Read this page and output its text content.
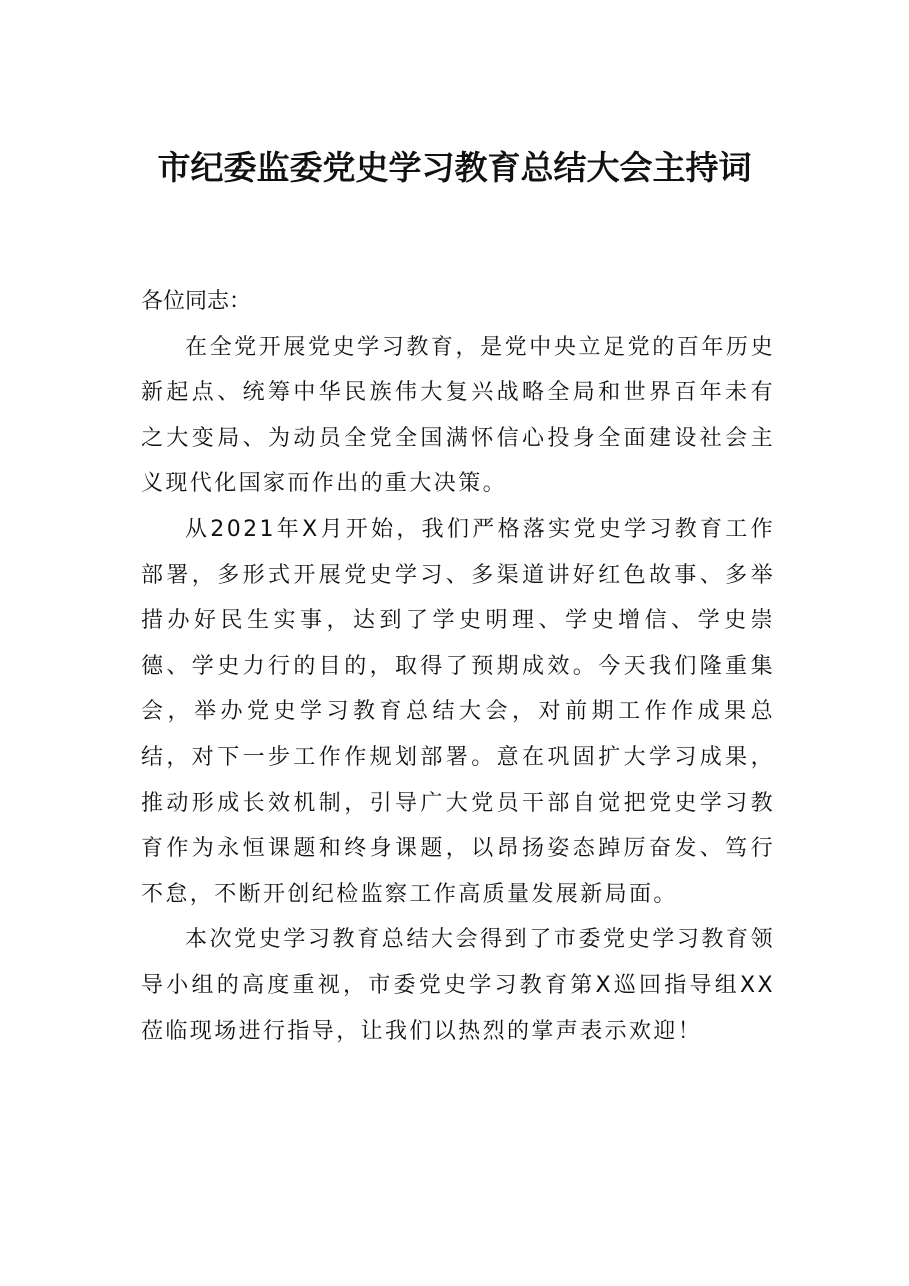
市纪委监委党史学习教育总结大会主持词

各位同志：

在全党开展党史学习教育，是党中央立足党的百年历史新起点、统筹中华民族伟大复兴战略全局和世界百年未有之大变局、为动员全党全国满怀信心投身全面建设社会主义现代化国家而作出的重大决策。

从2021年X月开始，我们严格落实党史学习教育工作部署，多形式开展党史学习、多渠道讲好红色故事、多举措办好民生实事，达到了学史明理、学史增信、学史崇德、学史力行的目的，取得了预期成效。今天我们隆重集会，举办党史学习教育总结大会，对前期工作作成果总结，对下一步工作作规划部署。意在巩固扩大学习成果，推动形成长效机制，引导广大党员干部自觉把党史学习教育作为永恒课题和终身课题，以昂扬姿态踔厉奋发、笃行不怠，不断开创纪检监察工作高质量发展新局面。

本次党史学习教育总结大会得到了市委党史学习教育领导小组的高度重视，市委党史学习教育第X巡回指导组XX莅临现场进行指导，让我们以热烈的掌声表示欢迎！
